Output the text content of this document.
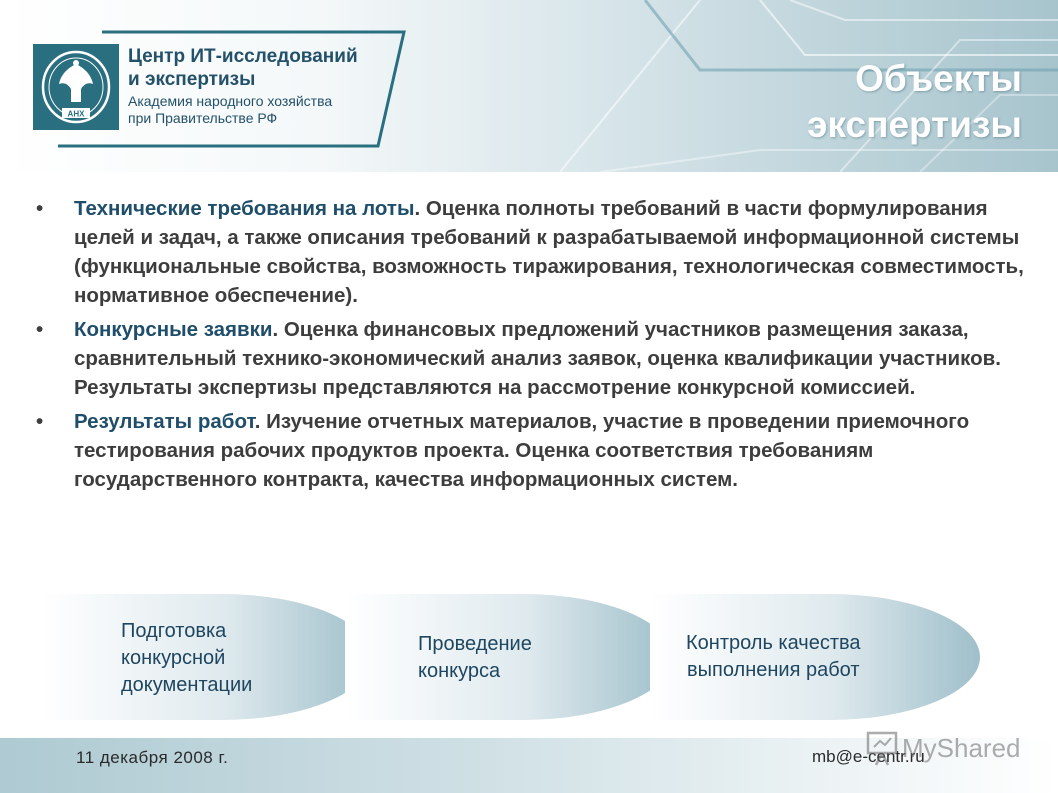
АНХ
Центр ИТ-исследований
и экспертизы
Академия народного хозяйства
при Правительстве РФ
Объекты
экспертизы
• Технические требования на лоты. Оценка полноты требований в части формулирования целей и задач, а также описания требований к разрабатываемой информационной системы (функциональные свойства, возможность тиражирования, технологическая совместимость, нормативное обеспечение).
• Конкурсные заявки. Оценка финансовых предложений участников размещения заказа, сравнительный технико-экономический анализ заявок, оценка квалификации участников. Результаты экспертизы представляются на рассмотрение конкурсной комиссией.
• Результаты работ. Изучение отчетных материалов, участие в проведении приемочного тестирования рабочих продуктов проекта. Оценка соответствия требованиям государственного контракта, качества информационных систем.
Подготовка
конкурсной
документации
Проведение
конкурса
Контроль качества
выполнения работ
11 декабря 2008 г.	mb@e-centr.ru
MyShared
